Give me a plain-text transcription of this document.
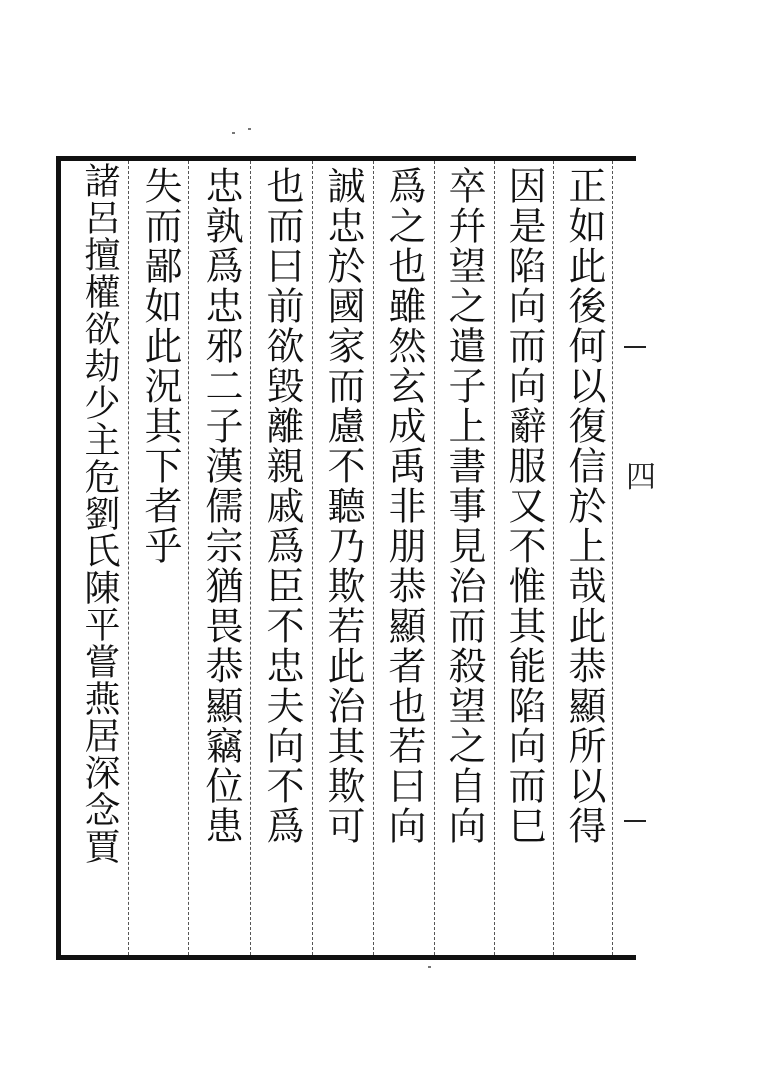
正如此後何以復信於上哉此恭顯所以得
因是陷向而向辭服又不惟其能陷向而巳
卒幷望之遣子上書事見治而殺望之自向
爲之也雖然玄成禹非朋恭顯者也若曰向
誠忠於國家而慮不聽乃欺若此治其欺可
也而曰前欲毀離親戚爲臣不忠夫向不爲
忠孰爲忠邪二子漢儒宗猶畏恭顯竊位患
失而鄙如此況其下者乎
諸呂擅權欲劫少主危劉氏陳平嘗燕居深念賈	四
